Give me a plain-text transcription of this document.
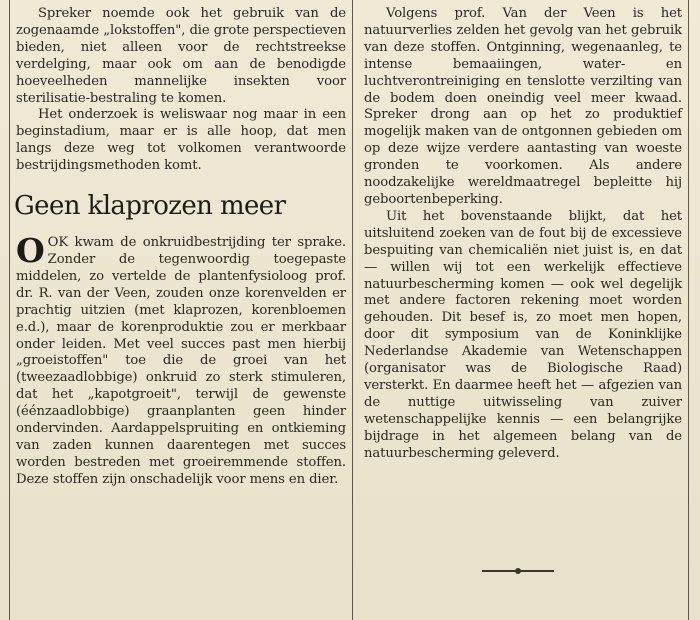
Spreker noemde ook het gebruik van de zogenaamde „lokstoffen", die grote perspectieven bieden, niet alleen voor de rechtstreekse verdelging, maar ook om aan de benodigde hoeveelheden mannelijke insekten voor sterilisatie-bestraling te komen.

Het onderzoek is weliswaar nog maar in een beginstadium, maar er is alle hoop, dat men langs deze weg tot volkomen verantwoorde bestrijdingsmethoden komt.

Geen klaprozen meer

OOK kwam de onkruidbestrijding ter sprake. Zonder de tegenwoordig toegepaste middelen, zo vertelde de plantenfysioloog prof. dr. R. van der Veen, zouden onze korenvelden er prachtig uitzien (met klaprozen, korenbloemen e.d.), maar de korenproduktie zou er merkbaar onder leiden. Met veel succes past men hierbij „groeistoffen" toe die de groei van het (tweezaadlobbige) onkruid zo sterk stimuleren, dat het „kapotgroeit", terwijl de gewenste (éénzaadlobbige) graanplanten geen hinder ondervinden. Aardappelspruiting en ontkieming van zaden kunnen daarentegen met succes worden bestreden met groeiremmende stoffen. Deze stoffen zijn onschadelijk voor mens en dier.

Volgens prof. Van der Veen is het natuurverlies zelden het gevolg van het gebruik van deze stoffen. Ontginning, wegenaanleg, te intense bemaaiingen, water- en luchtverontreiniging en tenslotte verzilting van de bodem doen oneindig veel meer kwaad. Spreker drong aan op het zo produktief mogelijk maken van de ontgonnen gebieden om op deze wijze verdere aantasting van woeste gronden te voorkomen. Als andere noodzakelijke wereldmaatregel bepleitte hij geboortenbeperking.

Uit het bovenstaande blijkt, dat het uitsluitend zoeken van de fout bij de excessieve bespuiting van chemicaliën niet juist is, en dat — willen wij tot een werkelijk effectieve natuurbescherming komen — ook wel degelijk met andere factoren rekening moet worden gehouden. Dit besef is, zo moet men hopen, door dit symposium van de Koninklijke Nederlandse Akademie van Wetenschappen (organisator was de Biologische Raad) versterkt. En daarmee heeft het — afgezien van de nuttige uitwisseling van zuiver wetenschappelijke kennis — een belangrijke bijdrage in het algemeen belang van de natuurbescherming geleverd.
